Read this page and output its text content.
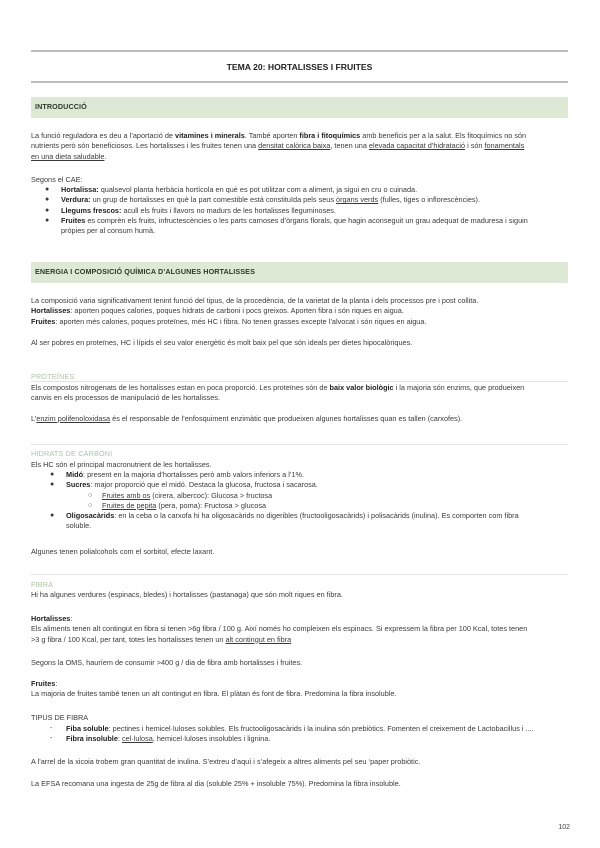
TEMA 20: HORTALISSES I FRUITES
INTRODUCCIÓ
La funció reguladora es deu a l’aportació de vitamines i minerals. També aporten fibra i fitoquímics amb beneficis per a la salut. Els fitoquímics no són
nutrients però són beneficiosos. Les hortalisses i les fruites tenen una densitat calòrica baixa, tenen una elevada capacitat d’hidratació i són fonamentals
en una dieta saludable.
Segons el CAE:
● Hortalissa: qualsevol planta herbàcia hortícola en què es pot utilitzar com a aliment, ja sigui en cru o cuinada.
● Verdura: un grup de hortalisses en què la part comestible està constituïda pels seus òrgans verds (fulles, tiges o inflorescències).
● Llegums frescos: acull els fruits i llavors no madurs de les hortalisses lleguminoses.
● Fruites es comprèn els fruits, infructescències o les parts carnoses d’òrgans florals, que hagin aconseguit un grau adequat de maduresa i siguin
pròpies per al consum humà.
ENERGIA I COMPOSICIÓ QUÍMICA D’ALGUNES HORTALISSES
La composició varia significativament tenint funció del tipus, de la procedència, de la varietat de la planta i dels processos pre i post collita.
Hortalisses: aporten poques calories, poques hidrats de carboni i pocs greixos. Aporten fibra i són riques en aigua.
Fruites: aporten més calories, poques proteïnes, més HC i fibra. No tenen grasses excepte l’alvocat i són riques en aigua.
Al ser pobres en proteïnes, HC i lípids el seu valor energètic és molt baix pel que són ideals per dietes hipocalòriques.
PROTEÏNES
Els compostos nitrogenats de les hortalisses estan en poca proporció. Les proteïnes són de baix valor biològic i la majoria són enzims, que produeixen
canvis en els processos de manipulació de les hortalisses.
L’enzim polifenoloxidasa és el responsable de l’enfosquiment enzimàtic que produeixen algunes hortalisses quan es tallen (carxofes).
HIDRATS DE CARBONI
Els HC són el principal macronutrient de les hortalisses.
● Midó: present en la majoria d’hortalisses però amb valors inferiors a l’1%.
● Sucres: major proporció que el midó. Destaca la glucosa, fructosa i sacarosa.
○ Fruites amb os (cirera, albercoc): Glucosa > fructosa
○ Fruites de pepita (pera, poma): Fructosa > glucosa
● Oligosacàrids: en la ceba o la carxofa hi ha oligosacàrids no digeribles (fructooligosacàrids) i polisacàrids (inulina). Es comporten com fibra
soluble.
Algunes tenen polialcohols com el sorbitol, efecte laxant.
FIBRA
Hi ha algunes verdures (espinacs, bledes) i hortalisses (pastanaga) que són molt riques en fibra.
Hortalisses:
Els aliments tenen alt contingut en fibra si tenen >6g fibra / 100 g. Així només ho compleixen els espinacs. Si expressem la fibra per 100 Kcal, totes tenen
>3 g fibra / 100 Kcal, per tant, totes les hortalisses tenen un alt contingut en fibra
Segons la OMS, hauríem de consumir >400 g / dia de fibra amb hortalisses i fruites.
Fruites:
La majoria de fruites també tenen un alt contingut en fibra. El plàtan és font de fibra. Predomina la fibra insoluble.
TIPUS DE FIBRA
- Fiba soluble: pectines i hemicel·luloses solubles. Els fructooligosacàrids i la inulina són prebiòtics. Fomenten el creixement de Lactobacillus i ....
- Fibra insoluble: cel·lulosa, hemicel·luloses insolubles i lignina.
A l’arrel de la xicoia trobem gran quantitat de inulina. S’extreu d’aquí i s’afegeix a altres aliments pel seu ‘paper probiòtic.
La EFSA recomana una ingesta de 25g de fibra al dia (soluble 25% + insoluble 75%). Predomina la fibra insoluble.
102
